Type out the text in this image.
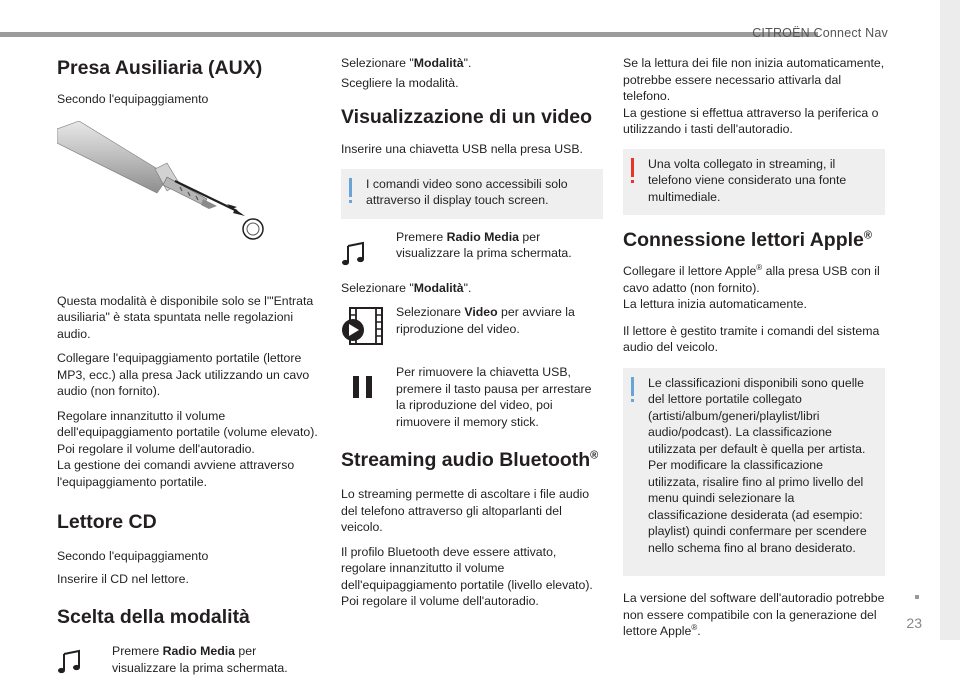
CITROËN Connect Nav
23
Presa Ausiliaria (AUX)

Secondo l'equipaggiamento

Questa modalità è disponibile solo se l'"Entrata ausiliaria" è stata spuntata nelle regolazioni audio.

Collegare l'equipaggiamento portatile (lettore MP3, ecc.) alla presa Jack utilizzando un cavo audio (non fornito).

Regolare innanzitutto il volume dell'equipaggiamento portatile (volume elevato). Poi regolare il volume dell'autoradio.

La gestione dei comandi avviene attraverso l'equipaggiamento portatile.

Lettore CD

Secondo l'equipaggiamento

Inserire il CD nel lettore.

Scelta della modalità

Premere Radio Media per visualizzare la prima schermata.

Selezionare "Modalità".

Scegliere la modalità.

Visualizzazione di un video

Inserire una chiavetta USB nella presa USB.

I comandi video sono accessibili solo attraverso il display touch screen.

Premere Radio Media per visualizzare la prima schermata.

Selezionare "Modalità".

Selezionare Video per avviare la riproduzione del video.

Per rimuovere la chiavetta USB, premere il tasto pausa per arrestare la riproduzione del video, poi rimuovere il memory stick.

Streaming audio Bluetooth®

Lo streaming permette di ascoltare i file audio del telefono attraverso gli altoparlanti del veicolo.

Il profilo Bluetooth deve essere attivato, regolare innanzitutto il volume dell'equipaggiamento portatile (livello elevato). Poi regolare il volume dell'autoradio.

Se la lettura dei file non inizia automaticamente, potrebbe essere necessario attivarla dal telefono.

La gestione si effettua attraverso la periferica o utilizzando i tasti dell'autoradio.

Una volta collegato in streaming, il telefono viene considerato una fonte multimediale.
Connessione lettori Apple®

Collegare il lettore Apple® alla presa USB con il cavo adatto (non fornito).

La lettura inizia automaticamente.

Il lettore è gestito tramite i comandi del sistema audio del veicolo.

Le classificazioni disponibili sono quelle del lettore portatile collegato (artisti/album/generi/playlist/libri audio/podcast). La classificazione utilizzata per default è quella per artista. Per modificare la classificazione utilizzata, risalire fino al primo livello del menu quindi selezionare la classificazione desiderata (ad esempio: playlist) quindi confermare per scendere nello schema fino al brano desiderato.

La versione del software dell'autoradio potrebbe non essere compatibile con la generazione del lettore Apple®.
